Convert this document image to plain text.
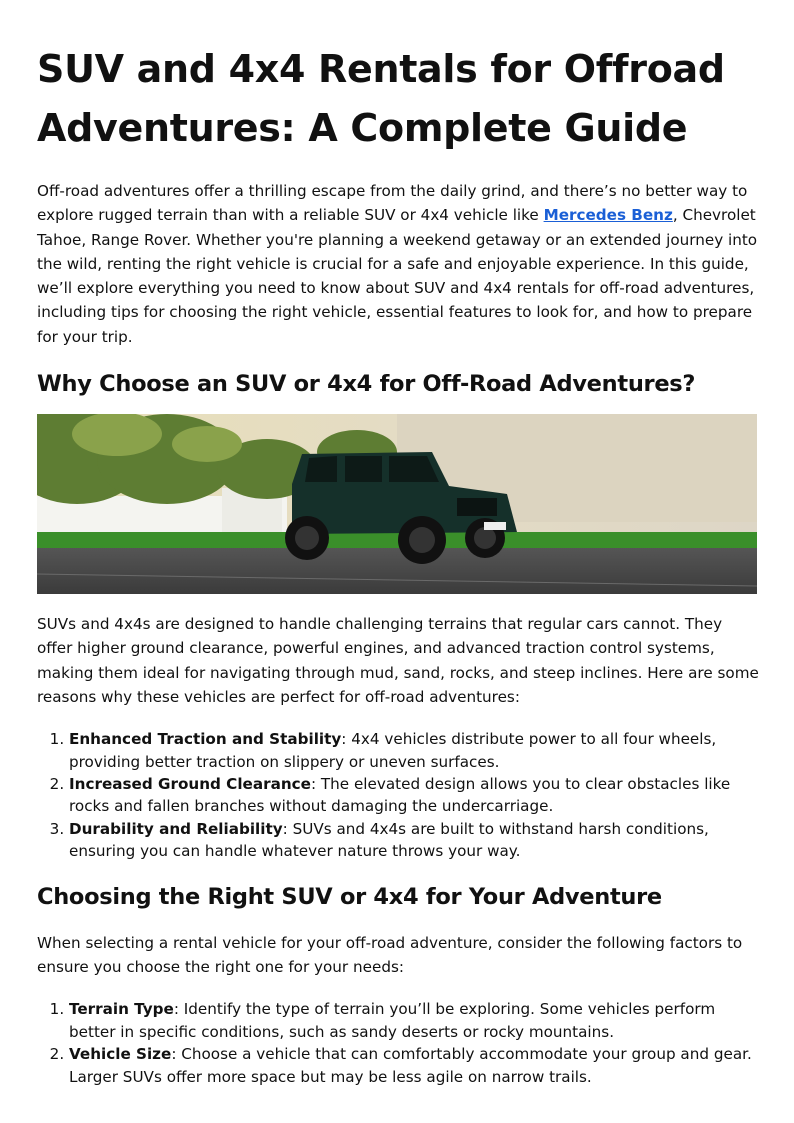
SUV and 4x4 Rentals for Offroad Adventures: A Complete Guide

Off-road adventures offer a thrilling escape from the daily grind, and there’s no better way to explore rugged terrain than with a reliable SUV or 4x4 vehicle like Mercedes Benz, Chevrolet Tahoe, Range Rover. Whether you're planning a weekend getaway or an extended journey into the wild, renting the right vehicle is crucial for a safe and enjoyable experience. In this guide, we’ll explore everything you need to know about SUV and 4x4 rentals for off-road adventures, including tips for choosing the right vehicle, essential features to look for, and how to prepare for your trip.

Why Choose an SUV or 4x4 for Off-Road Adventures?

SUVs and 4x4s are designed to handle challenging terrains that regular cars cannot. They offer higher ground clearance, powerful engines, and advanced traction control systems, making them ideal for navigating through mud, sand, rocks, and steep inclines. Here are some reasons why these vehicles are perfect for off-road adventures:

1. Enhanced Traction and Stability: 4x4 vehicles distribute power to all four wheels, providing better traction on slippery or uneven surfaces.
2. Increased Ground Clearance: The elevated design allows you to clear obstacles like rocks and fallen branches without damaging the undercarriage.
3. Durability and Reliability: SUVs and 4x4s are built to withstand harsh conditions, ensuring you can handle whatever nature throws your way.
Choosing the Right SUV or 4x4 for Your Adventure

When selecting a rental vehicle for your off-road adventure, consider the following factors to ensure you choose the right one for your needs:

1. Terrain Type: Identify the type of terrain you’ll be exploring. Some vehicles perform better in specific conditions, such as sandy deserts or rocky mountains.
2. Vehicle Size: Choose a vehicle that can comfortably accommodate your group and gear. Larger SUVs offer more space but may be less agile on narrow trails.
